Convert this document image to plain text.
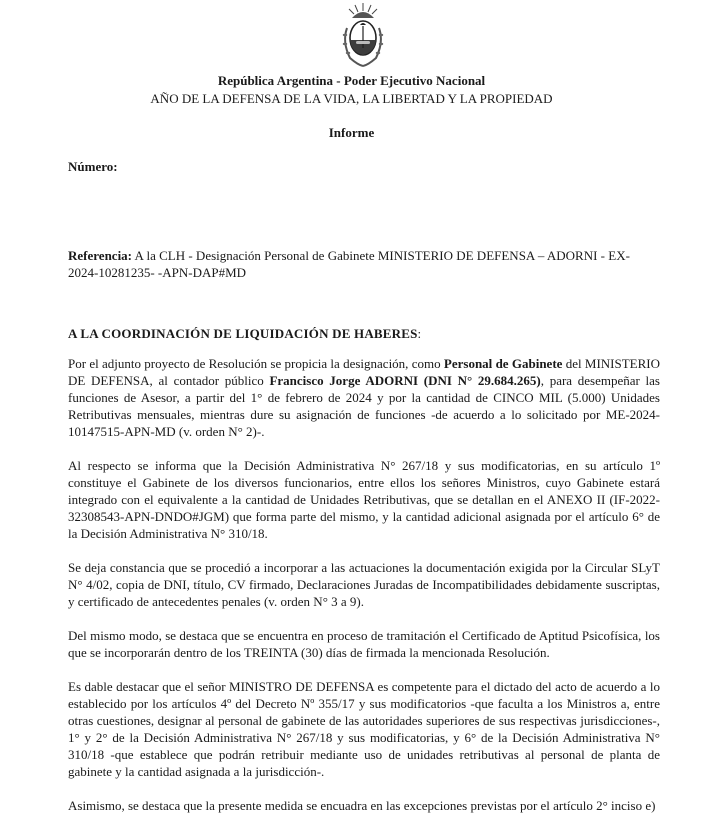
República Argentina - Poder Ejecutivo Nacional
AÑO DE LA DEFENSA DE LA VIDA, LA LIBERTAD Y LA PROPIEDAD
Informe
Número:
Referencia: A la CLH - Designación Personal de Gabinete MINISTERIO DE DEFENSA – ADORNI - EX-2024-10281235- -APN-DAP#MD
A LA COORDINACIÓN DE LIQUIDACIÓN DE HABERES:

Por el adjunto proyecto de Resolución se propicia la designación, como Personal de Gabinete del MINISTERIO DE DEFENSA, al contador público Francisco Jorge ADORNI (DNI N° 29.684.265), para desempeñar las funciones de Asesor, a partir del 1° de febrero de 2024 y por la cantidad de CINCO MIL (5.000) Unidades Retributivas mensuales, mientras dure su asignación de funciones -de acuerdo a lo solicitado por ME-2024-10147515-APN-MD (v. orden N° 2)-.

Al respecto se informa que la Decisión Administrativa N° 267/18 y sus modificatorias, en su artículo 1º constituye el Gabinete de los diversos funcionarios, entre ellos los señores Ministros, cuyo Gabinete estará integrado con el equivalente a la cantidad de Unidades Retributivas, que se detallan en el ANEXO II (IF-2022-32308543-APN-DNDO#JGM) que forma parte del mismo, y la cantidad adicional asignada por el artículo 6° de la Decisión Administrativa N° 310/18.

Se deja constancia que se procedió a incorporar a las actuaciones la documentación exigida por la Circular SLyT N° 4/02, copia de DNI, título, CV firmado, Declaraciones Juradas de Incompatibilidades debidamente suscriptas, y certificado de antecedentes penales (v. orden N° 3 a 9).

Del mismo modo, se destaca que se encuentra en proceso de tramitación el Certificado de Aptitud Psicofísica, los que se incorporarán dentro de los TREINTA (30) días de firmada la mencionada Resolución.

Es dable destacar que el señor MINISTRO DE DEFENSA es competente para el dictado del acto de acuerdo a lo establecido por los artículos 4º del Decreto Nº 355/17 y sus modificatorios -que faculta a los Ministros a, entre otras cuestiones, designar al personal de gabinete de las autoridades superiores de sus respectivas jurisdicciones-, 1° y 2° de la Decisión Administrativa N° 267/18 y sus modificatorias, y 6° de la Decisión Administrativa N° 310/18 -que establece que podrán retribuir mediante uso de unidades retributivas al personal de planta de gabinete y la cantidad asignada a la jurisdicción-.

Asimismo, se destaca que la presente medida se encuadra en las excepciones previstas por el artículo 2° inciso e)
